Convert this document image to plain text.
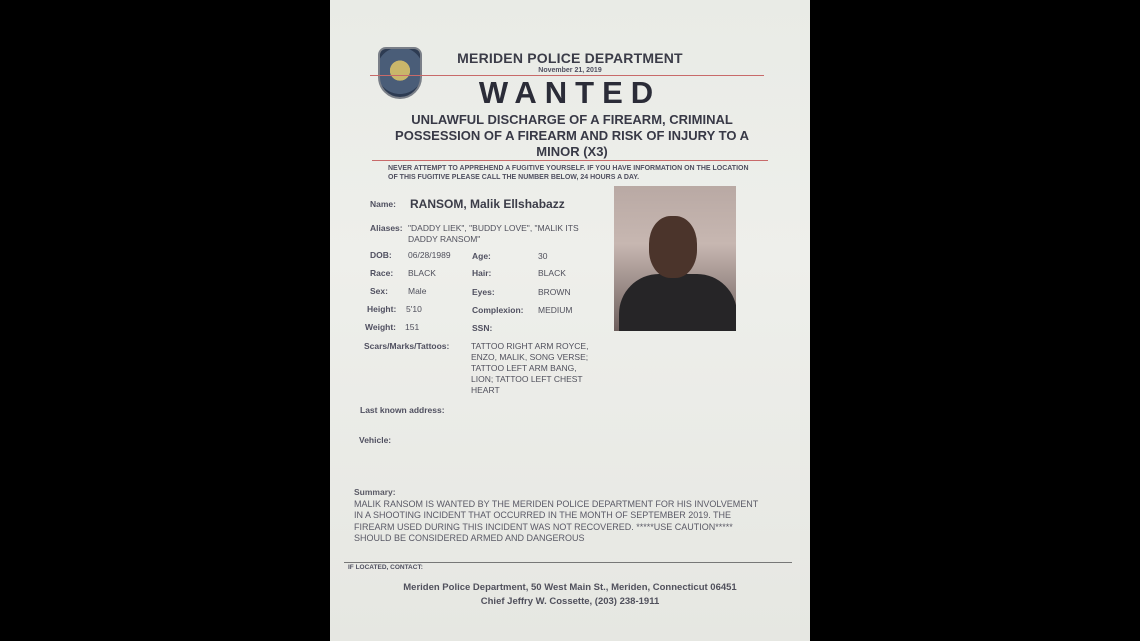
MERIDEN POLICE DEPARTMENT
November 21, 2019
WANTED
UNLAWFUL DISCHARGE OF A FIREARM, CRIMINAL
POSSESSION OF A FIREARM AND RISK OF INJURY TO A
MINOR (X3)
NEVER ATTEMPT TO APPREHEND A FUGITIVE YOURSELF. IF YOU HAVE INFORMATION ON THE LOCATION
OF THIS FUGITIVE PLEASE CALL THE NUMBER BELOW, 24 HOURS A DAY.
Name: RANSOM, Malik Ellshabazz
Aliases: "DADDY LIEK", "BUDDY LOVE", "MALIK ITS
DADDY RANSOM"
DOB: 06/28/1989	Age:	30
Race: BLACK	Hair:	BLACK
Sex: Male	Eyes:	BROWN
Height: 5'10	Complexion: MEDIUM
Weight: 151	SSN:
Scars/Marks/Tattoos:	TATTOO RIGHT ARM ROYCE,
ENZO, MALIK, SONG VERSE;
TATTOO LEFT ARM BANG,
LION; TATTOO LEFT CHEST
HEART
Last known address:
Vehicle:
Summary:
MALIK RANSOM IS WANTED BY THE MERIDEN POLICE DEPARTMENT FOR HIS INVOLVEMENT
IN A SHOOTING INCIDENT THAT OCCURRED IN THE MONTH OF SEPTEMBER 2019. THE
FIREARM USED DURING THIS INCIDENT WAS NOT RECOVERED. *****USE CAUTION*****
SHOULD BE CONSIDERED ARMED AND DANGEROUS
IF LOCATED, CONTACT:
Meriden Police Department, 50 West Main St., Meriden, Connecticut 06451
Chief Jeffry W. Cossette, (203) 238-1911
